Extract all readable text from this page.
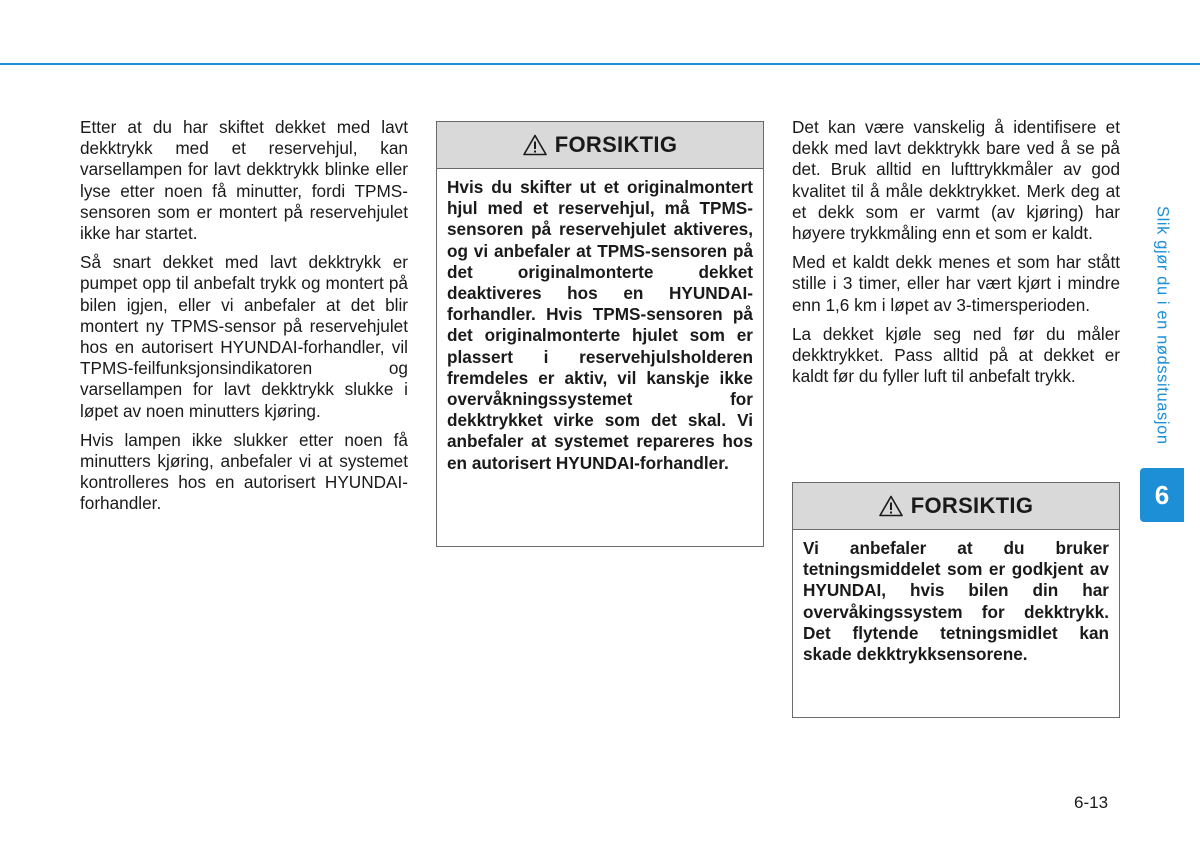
Etter at du har skiftet dekket med lavt dekktrykk med et reservehjul, kan varsellampen for lavt dekktrykk blinke eller lyse etter noen få minutter, fordi TPMS-sensoren som er montert på reservehjulet ikke har startet.

Så snart dekket med lavt dekktrykk er pumpet opp til anbefalt trykk og montert på bilen igjen, eller vi anbefaler at det blir montert ny TPMS-sensor på reservehjulet hos en autorisert HYUNDAI-forhandler, vil TPMS-feilfunksjonsindikatoren og varsellampen for lavt dekktrykk slukke i løpet av noen minutters kjøring.

Hvis lampen ikke slukker etter noen få minutters kjøring, anbefaler vi at systemet kontrolleres hos en autorisert HYUNDAI-forhandler.

FORSIKTIG
Hvis du skifter ut et originalmontert hjul med et reservehjul, må TPMS-sensoren på reservehjulet aktiveres, og vi anbefaler at TPMS-sensoren på det originalmonterte dekket deaktiveres hos en HYUNDAI-forhandler. Hvis TPMS-sensoren på det originalmonterte hjulet som er plassert i reservehjulsholderen fremdeles er aktiv, vil kanskje ikke overvåkningssystemet for dekktrykket virke som det skal. Vi anbefaler at systemet repareres hos en autorisert HYUNDAI-forhandler.

Det kan være vanskelig å identifisere et dekk med lavt dekktrykk bare ved å se på det. Bruk alltid en lufttrykkmåler av god kvalitet til å måle dekktrykket. Merk deg at et dekk som er varmt (av kjøring) har høyere trykkmåling enn et som er kaldt.

Med et kaldt dekk menes et som har stått stille i 3 timer, eller har vært kjørt i mindre enn 1,6 km i løpet av 3-timersperioden.

La dekket kjøle seg ned før du måler dekktrykket. Pass alltid på at dekket er kaldt før du fyller luft til anbefalt trykk.

FORSIKTIG
Vi anbefaler at du bruker tetningsmiddelet som er godkjent av HYUNDAI, hvis bilen din har overvåkingssystem for dekktrykk. Det flytende tetningsmidlet kan skade dekktrykksensorene.
Slik gjør du i en nødssituasjon
6
6-13
